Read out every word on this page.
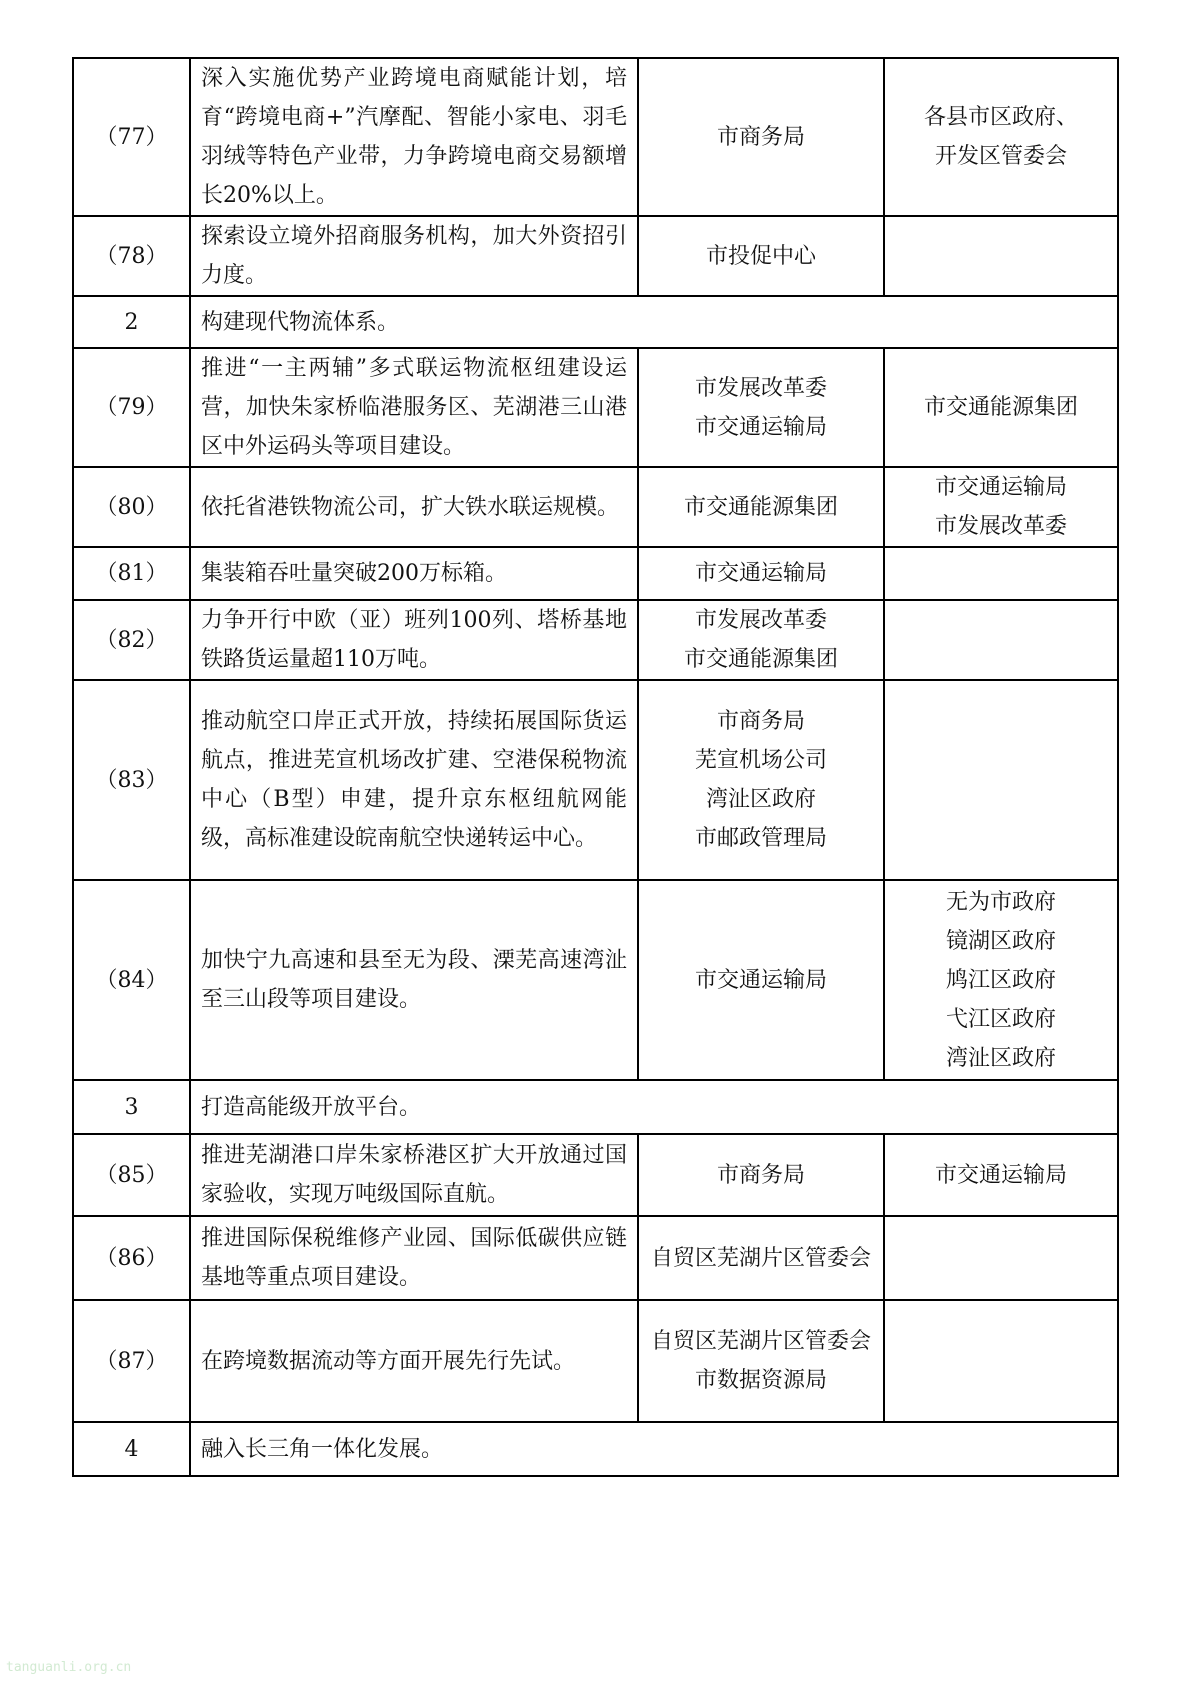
（77）	深入实施优势产业跨境电商赋能计划，培育“跨境电商+”汽摩配、智能小家电、羽毛羽绒等特色产业带，力争跨境电商交易额增长20%以上。	市商务局	各县市区政府、
开发区管委会

（78）	探索设立境外招商服务机构，加大外资招引力度。	市投促中心	

2	构建现代物流体系。		
（79）	推进“一主两辅”多式联运物流枢纽建设运营，加快朱家桥临港服务区、芜湖港三山港区中外运码头等项目建设。	市发展改革委
市交通运输局	市交通能源集团

（80）	依托省港铁物流公司，扩大铁水联运规模。	市交通能源集团	市交通运输局
市发展改革委

（81）	集装箱吞吐量突破200万标箱。	市交通运输局	

（82）	力争开行中欧（亚）班列100列、塔桥基地铁路货运量超110万吨。	市发展改革委
市交通能源集团	

（83）	推动航空口岸正式开放，持续拓展国际货运航点，推进芜宣机场改扩建、空港保税物流中心（B型）申建，提升京东枢纽航网能级，高标准建设皖南航空快递转运中心。	市商务局
芜宣机场公司
湾沚区政府
市邮政管理局	

（84）	加快宁九高速和县至无为段、溧芜高速湾沚至三山段等项目建设。	市交通运输局	无为市政府
镜湖区政府
鸠江区政府
弋江区政府
湾沚区政府

3	打造高能级开放平台。		
（85）	推进芜湖港口岸朱家桥港区扩大开放通过国家验收，实现万吨级国际直航。	市商务局	市交通运输局

（86）	推进国际保税维修产业园、国际低碳供应链基地等重点项目建设。	自贸区芜湖片区管委会	
（87）	在跨境数据流动等方面开展先行先试。	自贸区芜湖片区管委会
市数据资源局	

4	融入长三角一体化发展。		
tanguanli.org.cn
